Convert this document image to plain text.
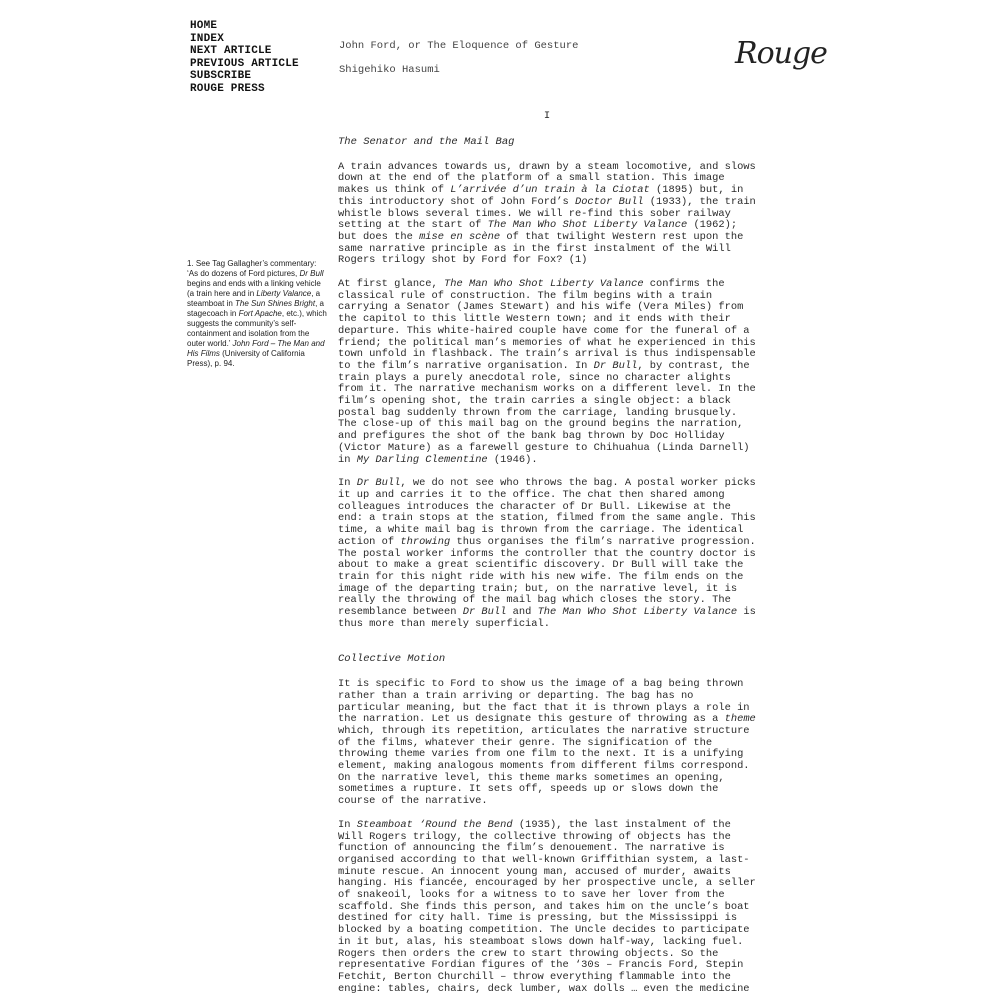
HOME
INDEX
NEXT ARTICLE
PREVIOUS ARTICLE
SUBSCRIBE
ROUGE PRESS
John Ford, or The Eloquence of Gesture
Shigehiko Hasumi	Rouge
I
1. See Tag Gallagher’s commentary: ‘As do dozens of Ford pictures, Dr Bull begins and ends with a linking vehicle (a train here and in Liberty Valance, a steamboat in The Sun Shines Bright, a stagecoach in Fort Apache, etc.), which suggests the community’s self-containment and isolation from the outer world.’ John Ford – The Man and His Films (University of California Press), p. 94.
The Senator and the Mail Bag

A train advances towards us, drawn by a steam locomotive, and slows down at the end of the platform of a small station. This image makes us think of L’arrivée d’un train à la Ciotat (1895) but, in this introductory shot of John Ford’s Doctor Bull (1933), the train whistle blows several times. We will re-find this sober railway setting at the start of The Man Who Shot Liberty Valance (1962); but does the mise en scène of that twilight Western rest upon the same narrative principle as in the first instalment of the Will Rogers trilogy shot by Ford for Fox? (1)

At first glance, The Man Who Shot Liberty Valance confirms the classical rule of construction. The film begins with a train carrying a Senator (James Stewart) and his wife (Vera Miles) from the capitol to this little Western town; and it ends with their departure. This white-haired couple have come for the funeral of a friend; the political man’s memories of what he experienced in this town unfold in flashback. The train’s arrival is thus indispensable to the film’s narrative organisation. In Dr Bull, by contrast, the train plays a purely anecdotal role, since no character alights from it. The narrative mechanism works on a different level. In the film’s opening shot, the train carries a single object: a black postal bag suddenly thrown from the carriage, landing brusquely. The close-up of this mail bag on the ground begins the narration, and prefigures the shot of the bank bag thrown by Doc Holliday (Victor Mature) as a farewell gesture to Chihuahua (Linda Darnell) in My Darling Clementine (1946).

In Dr Bull, we do not see who throws the bag. A postal worker picks it up and carries it to the office. The chat then shared among colleagues introduces the character of Dr Bull. Likewise at the end: a train stops at the station, filmed from the same angle. This time, a white mail bag is thrown from the carriage. The identical action of throwing thus organises the film’s narrative progression. The postal worker informs the controller that the country doctor is about to make a great scientific discovery. Dr Bull will take the train for this night ride with his new wife. The film ends on the image of the departing train; but, on the narrative level, it is really the throwing of the mail bag which closes the story. The resemblance between Dr Bull and The Man Who Shot Liberty Valance is thus more than merely superficial.

Collective Motion

It is specific to Ford to show us the image of a bag being thrown rather than a train arriving or departing. The bag has no particular meaning, but the fact that it is thrown plays a role in the narration. Let us designate this gesture of throwing as a theme which, through its repetition, articulates the narrative structure of the films, whatever their genre. The signification of the throwing theme varies from one film to the next. It is a unifying element, making analogous moments from different films correspond. On the narrative level, this theme marks sometimes an opening, sometimes a rupture. It sets off, speeds up or slows down the course of the narrative.

In Steamboat ‘Round the Bend (1935), the last instalment of the Will Rogers trilogy, the collective throwing of objects has the function of announcing the film’s denouement. The narrative is organised according to that well-known Griffithian system, a last-minute rescue. An innocent young man, accused of murder, awaits hanging. His fiancée, encouraged by her prospective uncle, a seller of snakeoil, looks for a witness to to save her lover from the scaffold. She finds this person, and takes him on the uncle’s boat destined for city hall. Time is pressing, but the Mississippi is blocked by a boating competition. The Uncle decides to participate in it but, alas, his steamboat slows down half-way, lacking fuel. Rogers then orders the crew to start throwing objects. So the representative Fordian figures of the ‘30s – Francis Ford, Stepin Fetchit, Berton Churchill – throw everything flammable into the engine: tables, chairs, deck lumber, wax dolls … even the medicine
